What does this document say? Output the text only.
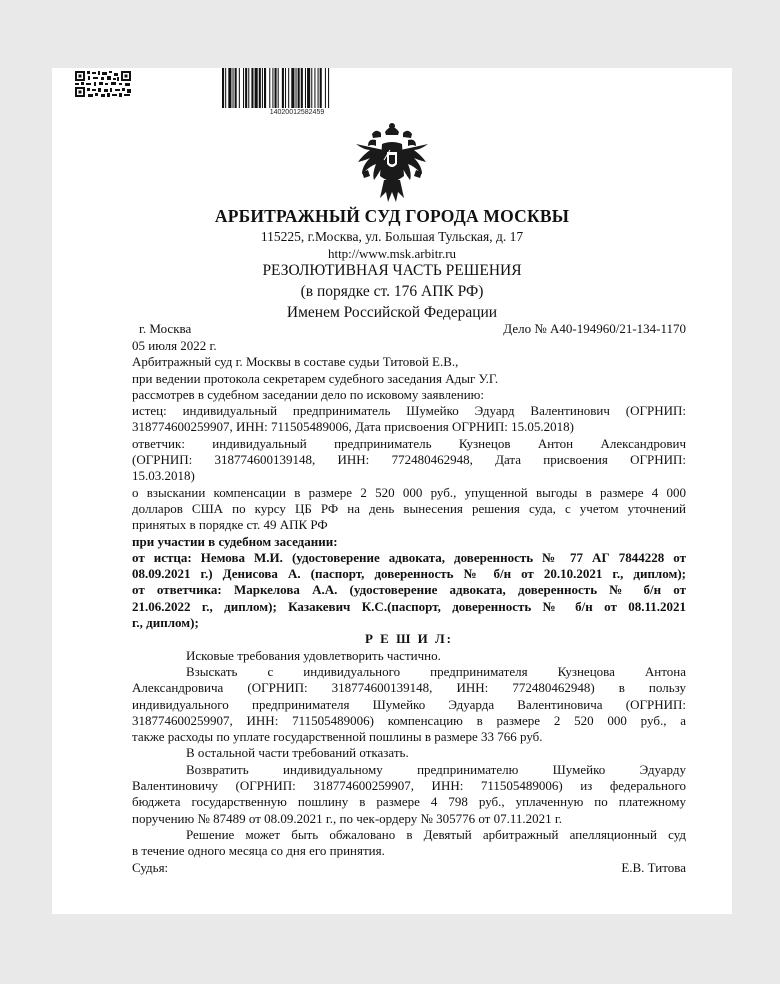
14020012582459
АРБИТРАЖНЫЙ СУД ГОРОДА МОСКВЫ
115225, г.Москва, ул. Большая Тульская, д. 17
http://www.msk.arbitr.ru
РЕЗОЛЮТИВНАЯ ЧАСТЬ РЕШЕНИЯ
(в порядке ст. 176 АПК РФ)
Именем Российской Федерации
г. Москва	Дело № А40-194960/21-134-1170

05 июля 2022 г.

Арбитражный суд г. Москвы в составе судьи Титовой Е.В.,

при ведении протокола секретарем судебного заседания Адыг У.Г.

рассмотрев в судебном заседании дело по исковому заявлению:

истец: индивидуальный предприниматель Шумейко Эдуард Валентинович (ОГРНИП:

318774600259907, ИНН: 711505489006, Дата присвоения ОГРНИП: 15.05.2018)

ответчик: индивидуальный предприниматель Кузнецов Антон Александрович

(ОГРНИП: 318774600139148, ИНН: 772480462948, Дата присвоения ОГРНИП:

15.03.2018)

о взыскании компенсации в размере 2 520 000 руб., упущенной выгоды в размере 4 000

долларов США по курсу ЦБ РФ на день вынесения решения суда, с учетом уточнений

принятых в порядке ст. 49 АПК РФ

при участии в судебном заседании:

от истца: Немова М.И. (удостоверение адвоката, доверенность № 77 АГ 7844228 от

08.09.2021 г.) Денисова А. (паспорт, доверенность № б/н от 20.10.2021 г., диплом);

от ответчика: Маркелова А.А. (удостоверение адвоката, доверенность № б/н от

21.06.2022 г., диплом); Казакевич К.С.(паспорт, доверенность № б/н от 08.11.2021

г., диплом);

Р Е Ш И Л:

Исковые требования удовлетворить частично.

Взыскать с индивидуального предпринимателя Кузнецова Антона

Александровича (ОГРНИП: 318774600139148, ИНН: 772480462948) в пользу

индивидуального предпринимателя Шумейко Эдуарда Валентиновича (ОГРНИП:

318774600259907, ИНН: 711505489006) компенсацию в размере 2 520 000 руб., а

также расходы по уплате государственной пошлины в размере 33 766 руб.

В остальной части требований отказать.

Возвратить индивидуальному предпринимателю Шумейко Эдуарду

Валентиновичу (ОГРНИП: 318774600259907, ИНН: 711505489006) из федерального

бюджета государственную пошлину в размере 4 798 руб., уплаченную по платежному

поручению № 87489 от 08.09.2021 г., по чек-ордеру № 305776 от 07.11.2021 г.

Решение может быть обжаловано в Девятый арбитражный апелляционный суд

в течение одного месяца со дня его принятия.

Судья:	Е.В. Титова
